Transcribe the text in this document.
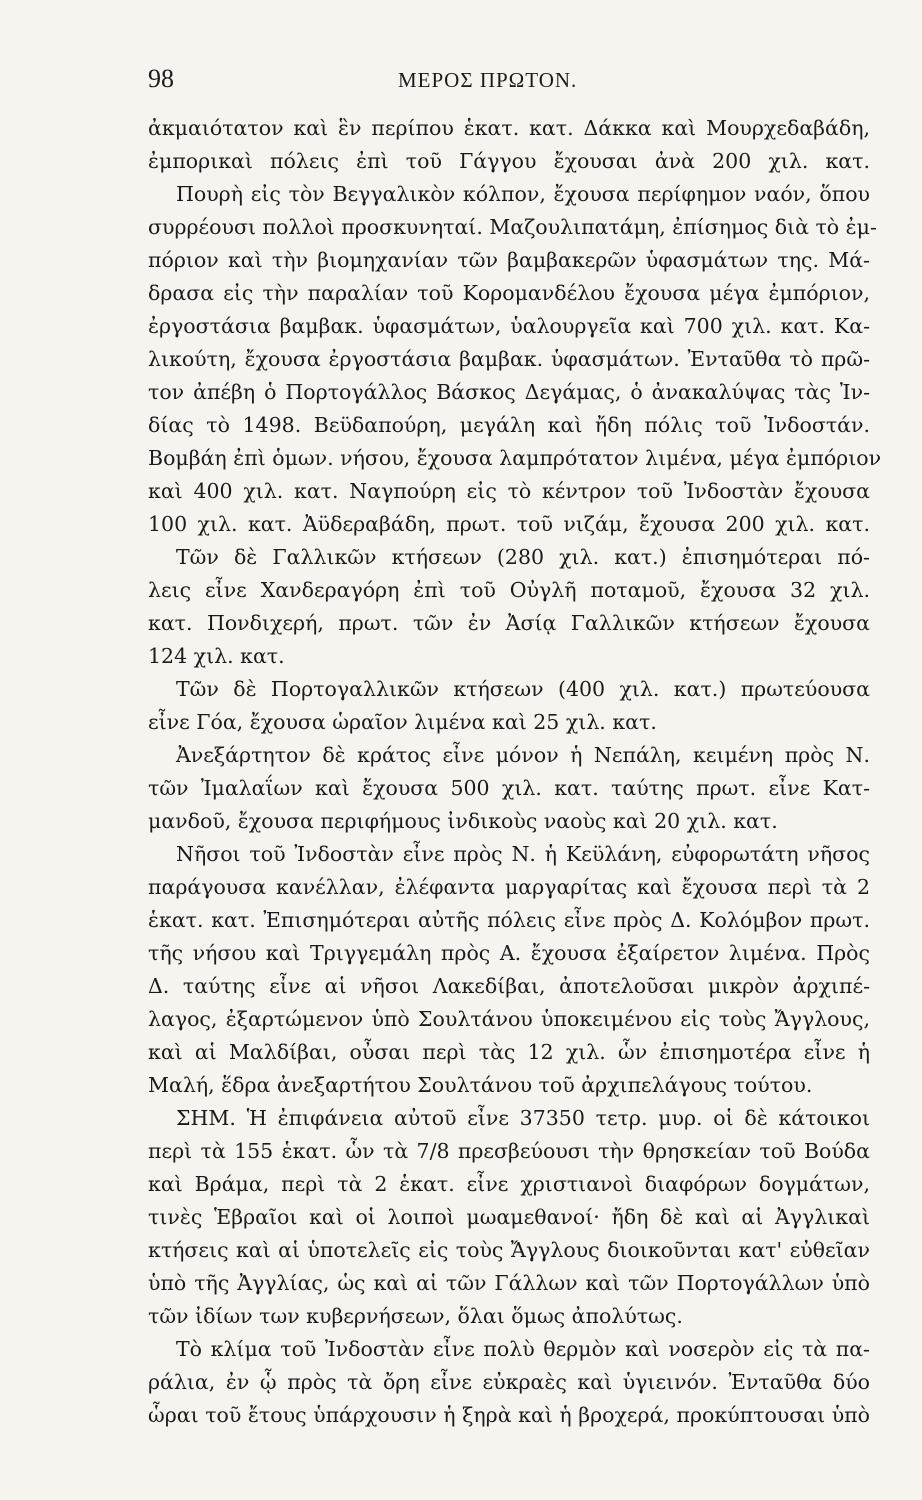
98	ΜΕΡΟΣ ΠΡΩΤΟΝ.
ἀκμαιότατον καὶ ἓν περίπου ἑκατ. κατ. Δάκκα καὶ Μουρχεδαβάδη,
ἐμπορικαὶ πόλεις ἐπὶ τοῦ Γάγγου ἔχουσαι ἀνὰ 200 χιλ. κατ.
Πουρὴ εἰς τὸν Βεγγαλικὸν κόλπον, ἔχουσα περίφημον ναόν, ὅπου
συρρέουσι πολλοὶ προσκυνηταί. Μαζουλιπατάμη, ἐπίσημος διὰ τὸ ἐμ-
πόριον καὶ τὴν βιομηχανίαν τῶν βαμβακερῶν ὑφασμάτων της. Μά-
δρασα εἰς τὴν παραλίαν τοῦ Κορομανδέλου ἔχουσα μέγα ἐμπόριον,
ἐργοστάσια βαμβακ. ὑφασμάτων, ὑαλουργεῖα καὶ 700 χιλ. κατ. Κα-
λικούτη, ἔχουσα ἐργοστάσια βαμβακ. ὑφασμάτων. Ἐνταῦθα τὸ πρῶ-
τον ἀπέβη ὁ Πορτογάλλος Βάσκος Δεγάμας, ὁ ἀνακαλύψας τὰς Ἰν-
δίας τὸ 1498. Βεϋδαπούρη, μεγάλη καὶ ἤδη πόλις τοῦ Ἰνδοστάν.
Βομβάη ἐπὶ ὁμων. νήσου, ἔχουσα λαμπρότατον λιμένα, μέγα ἐμπόριον
καὶ 400 χιλ. κατ. Ναγπούρη εἰς τὸ κέντρον τοῦ Ἰνδοστὰν ἔχουσα
100 χιλ. κατ. Ἀϋδεραβάδη, πρωτ. τοῦ νιζάμ, ἔχουσα 200 χιλ. κατ.
Τῶν δὲ Γαλλικῶν κτήσεων (280 χιλ. κατ.) ἐπισημότεραι πό-
λεις εἶνε Χανδεραγόρη ἐπὶ τοῦ Οὐγλῆ ποταμοῦ, ἔχουσα 32 χιλ.
κατ. Πονδιχερή, πρωτ. τῶν ἐν Ἀσίᾳ Γαλλικῶν κτήσεων ἔχουσα
124 χιλ. κατ.
Τῶν δὲ Πορτογαλλικῶν κτήσεων (400 χιλ. κατ.) πρωτεύουσα
εἶνε Γόα, ἔχουσα ὡραῖον λιμένα καὶ 25 χιλ. κατ.
Ἀνεξάρτητον δὲ κράτος εἶνε μόνον ἡ Νεπάλη, κειμένη πρὸς Ν.
τῶν Ἰμαλαΐων καὶ ἔχουσα 500 χιλ. κατ. ταύτης πρωτ. εἶνε Κατ-
μανδοῦ, ἔχουσα περιφήμους ἰνδικοὺς ναοὺς καὶ 20 χιλ. κατ.
Νῆσοι τοῦ Ἰνδοστὰν εἶνε πρὸς Ν. ἡ Κεϋλάνη, εὐφορωτάτη νῆσος
παράγουσα κανέλλαν, ἐλέφαντα μαργαρίτας καὶ ἔχουσα περὶ τὰ 2
ἑκατ. κατ. Ἐπισημότεραι αὐτῆς πόλεις εἶνε πρὸς Δ. Κολόμβον πρωτ.
τῆς νήσου καὶ Τριγγεμάλη πρὸς Α. ἔχουσα ἐξαίρετον λιμένα. Πρὸς
Δ. ταύτης εἶνε αἱ νῆσοι Λακεδίβαι, ἀποτελοῦσαι μικρὸν ἀρχιπέ-
λαγος, ἐξαρτώμενον ὑπὸ Σουλτάνου ὑποκειμένου εἰς τοὺς Ἄγγλους,
καὶ αἱ Μαλδίβαι, οὖσαι περὶ τὰς 12 χιλ. ὧν ἐπισημοτέρα εἶνε ἡ
Μαλή, ἕδρα ἀνεξαρτήτου Σουλτάνου τοῦ ἀρχιπελάγους τούτου.
ΣΗΜ. Ἡ ἐπιφάνεια αὐτοῦ εἶνε 37350 τετρ. μυρ. οἱ δὲ κάτοικοι
περὶ τὰ 155 ἑκατ. ὧν τὰ 7/8 πρεσβεύουσι τὴν θρησκείαν τοῦ Βούδα
καὶ Βράμα, περὶ τὰ 2 ἑκατ. εἶνε χριστιανοὶ διαφόρων δογμάτων,
τινὲς Ἑβραῖοι καὶ οἱ λοιποὶ μωαμεθανοί· ἤδη δὲ καὶ αἱ Ἀγγλικαὶ
κτήσεις καὶ αἱ ὑποτελεῖς εἰς τοὺς Ἄγγλους διοικοῦνται κατ' εὐθεῖαν
ὑπὸ τῆς Ἀγγλίας, ὡς καὶ αἱ τῶν Γάλλων καὶ τῶν Πορτογάλλων ὑπὸ
τῶν ἰδίων των κυβερνήσεων, ὅλαι ὅμως ἀπολύτως.
Τὸ κλίμα τοῦ Ἰνδοστὰν εἶνε πολὺ θερμὸν καὶ νοσερὸν εἰς τὰ πα-
ράλια, ἐν ᾧ πρὸς τὰ ὄρη εἶνε εὐκραὲς καὶ ὑγιεινόν. Ἐνταῦθα δύο
ὧραι τοῦ ἔτους ὑπάρχουσιν ἡ ξηρὰ καὶ ἡ βροχερά, προκύπτουσαι ὑπὸ
